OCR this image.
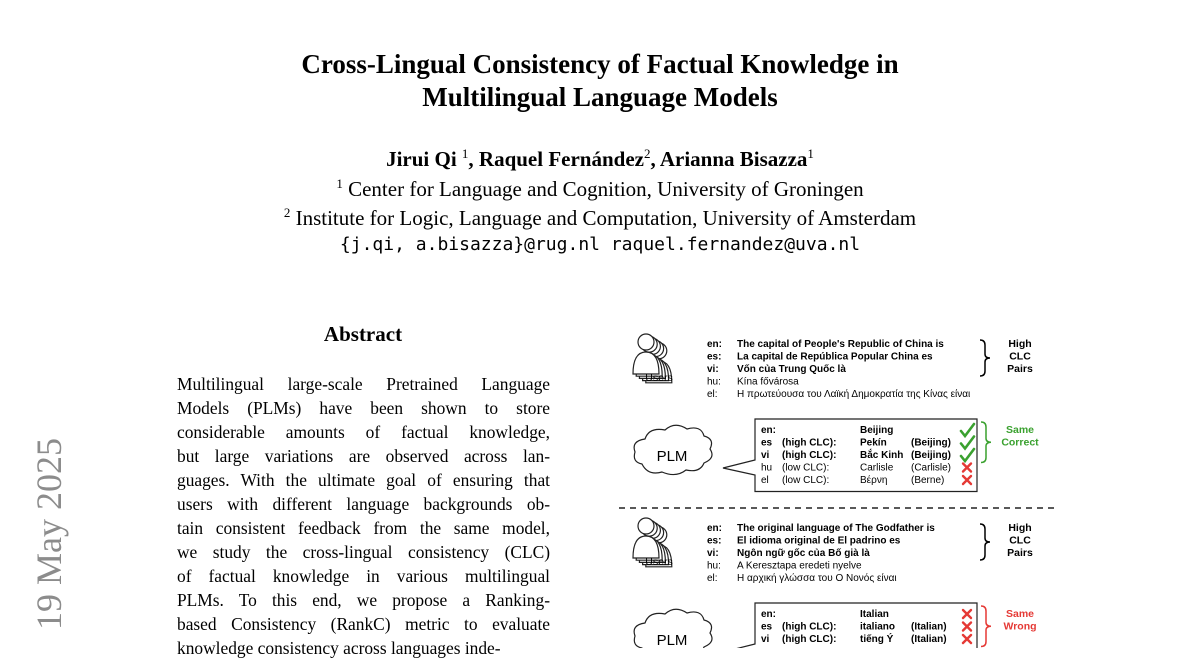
Cross-Lingual Consistency of Factual Knowledge in
Multilingual Language Models
Jirui Qi $^1$, Raquel Fernández$^2$, Arianna Bisazza$^1$
$^1$ Center for Language and Cognition, University of Groningen
$^2$ Institute for Logic, Language and Computation, University of Amsterdam
{j.qi, a.bisazza}@rug.nl raquel.fernandez@uva.nl
19 May 2025
Abstract
Multilingual large-scale Pretrained Language
Models (PLMs) have been shown to store
considerable amounts of factual knowledge,
but large variations are observed across lan-
guages. With the ultimate goal of ensuring that
users with different language backgrounds ob-
tain consistent feedback from the same model,
we study the cross-lingual consistency (CLC)
of factual knowledge in various multilingual
PLMs. To this end, we propose a Ranking-
based Consistency (RankC) metric to evaluate
knowledge consistency across languages inde-
Users
en: The capital of People's Republic of China is
es: La capital de República Popular China es
vi: Vốn của Trung Quốc là
hu: Kína fővárosa
el: Η πρωτεύουσα του Λαϊκή Δημοκρατία της Κίνας είναι
High
CLC
Pairs
PLM
en:	Beijing
es (high CLC): Pekín (Beijing)
vi (high CLC): Bắc Kinh (Beijing)
hu (low CLC):	Carlisle (Carlisle)
el (low CLC):	Βέρνη (Berne)
Same
Correct
Users
en: The original language of The Godfather is
es: El idioma original de El padrino es
vi: Ngôn ngữ gốc của Bố già là
hu: A Keresztapa eredeti nyelve
el: Η αρχική γλώσσα του Ο Νονός είναι
High
CLC
Pairs
PLM
en:	Italian
es (high CLC): italiano (Italian)
vi (high CLC): tiếng Ý (Italian)
Same
Wrong
